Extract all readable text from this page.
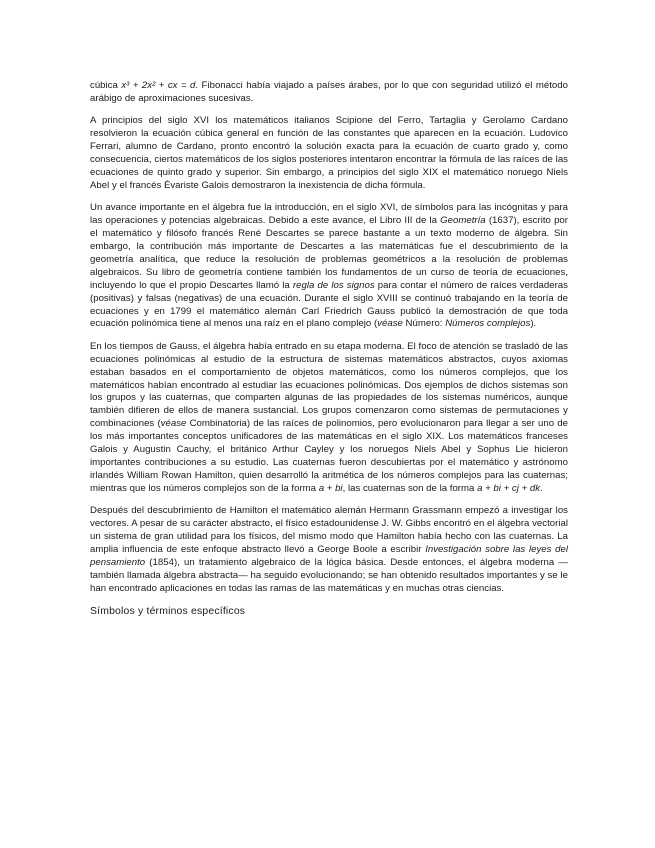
cúbica x³ + 2x² + cx = d. Fibonacci había viajado a países árabes, por lo que con seguridad utilizó el método arábigo de aproximaciones sucesivas.

A principios del siglo XVI los matemáticos italianos Scipione del Ferro, Tartaglia y Gerolamo Cardano resolvieron la ecuación cúbica general en función de las constantes que aparecen en la ecuación. Ludovico Ferrari, alumno de Cardano, pronto encontró la solución exacta para la ecuación de cuarto grado y, como consecuencia, ciertos matemáticos de los siglos posteriores intentaron encontrar la fórmula de las raíces de las ecuaciones de quinto grado y superior. Sin embargo, a principios del siglo XIX el matemático noruego Niels Abel y el francés Évariste Galois demostraron la inexistencia de dicha fórmula.

Un avance importante en el álgebra fue la introducción, en el siglo XVI, de símbolos para las incógnitas y para las operaciones y potencias algebraicas. Debido a este avance, el Libro III de la Geometría (1637), escrito por el matemático y filósofo francés René Descartes se parece bastante a un texto moderno de álgebra. Sin embargo, la contribución más importante de Descartes a las matemáticas fue el descubrimiento de la geometría analítica, que reduce la resolución de problemas geométricos a la resolución de problemas algebraicos. Su libro de geometría contiene también los fundamentos de un curso de teoría de ecuaciones, incluyendo lo que el propio Descartes llamó la regla de los signos para contar el número de raíces verdaderas (positivas) y falsas (negativas) de una ecuación. Durante el siglo XVIII se continuó trabajando en la teoría de ecuaciones y en 1799 el matemático alemán Carl Friedrich Gauss publicó la demostración de que toda ecuación polinómica tiene al menos una raíz en el plano complejo (véase Número: Números complejos).

En los tiempos de Gauss, el álgebra había entrado en su etapa moderna. El foco de atención se trasladó de las ecuaciones polinómicas al estudio de la estructura de sistemas matemáticos abstractos, cuyos axiomas estaban basados en el comportamiento de objetos matemáticos, como los números complejos, que los matemáticos habían encontrado al estudiar las ecuaciones polinómicas. Dos ejemplos de dichos sistemas son los grupos y las cuaternas, que comparten algunas de las propiedades de los sistemas numéricos, aunque también difieren de ellos de manera sustancial. Los grupos comenzaron como sistemas de permutaciones y combinaciones (véase Combinatoria) de las raíces de polinomios, pero evolucionaron para llegar a ser uno de los más importantes conceptos unificadores de las matemáticas en el siglo XIX. Los matemáticos franceses Galois y Augustin Cauchy, el británico Arthur Cayley y los noruegos Niels Abel y Sophus Lie hicieron importantes contribuciones a su estudio. Las cuaternas fueron descubiertas por el matemático y astrónomo irlandés William Rowan Hamilton, quien desarrolló la aritmética de los números complejos para las cuaternas; mientras que los números complejos son de la forma a + bi, las cuaternas son de la forma a + bi + cj + dk.

Después del descubrimiento de Hamilton el matemático alemán Hermann Grassmann empezó a investigar los vectores. A pesar de su carácter abstracto, el físico estadounidense J. W. Gibbs encontró en el álgebra vectorial un sistema de gran utilidad para los físicos, del mismo modo que Hamilton había hecho con las cuaternas. La amplia influencia de este enfoque abstracto llevó a George Boole a escribir Investigación sobre las leyes del pensamiento (1854), un tratamiento algebraico de la lógica básica. Desde entonces, el álgebra moderna —también llamada álgebra abstracta— ha seguido evolucionando; se han obtenido resultados importantes y se le han encontrado aplicaciones en todas las ramas de las matemáticas y en muchas otras ciencias.

Símbolos y términos específicos
